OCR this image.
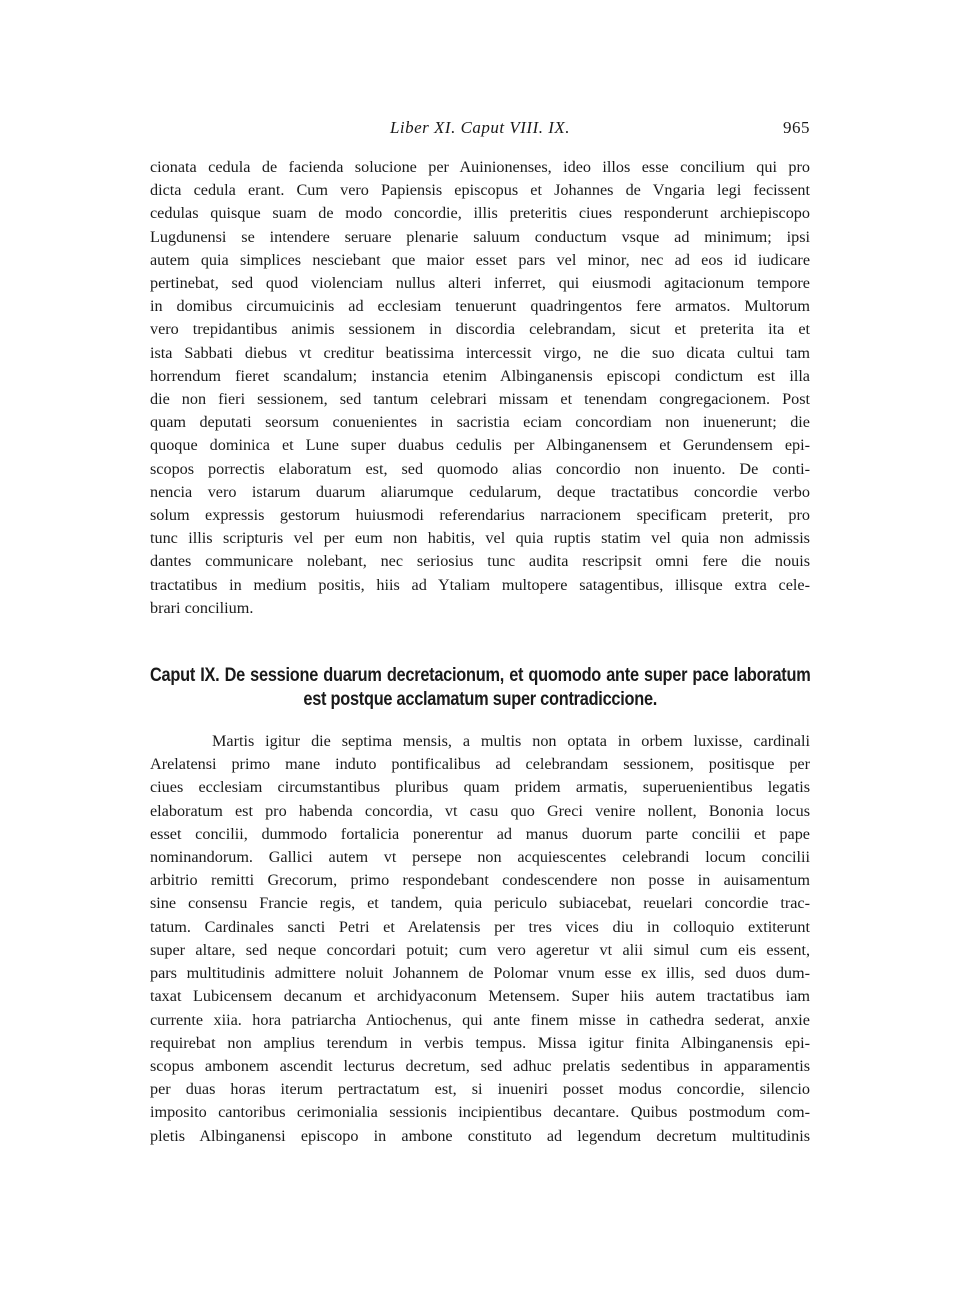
Liber XI. Caput VIII. IX.	965
cionata cedula de facienda solucione per Auinionenses, ideo illos esse concilium qui pro
dicta cedula erant. Cum vero Papiensis episcopus et Johannes de Vngaria legi fecissent
cedulas quisque suam de modo concordie, illis preteritis ciues responderunt archiepiscopo
Lugdunensi se intendere seruare plenarie saluum conductum vsque ad minimum; ipsi
autem quia simplices nesciebant que maior esset pars vel minor, nec ad eos id iudicare
pertinebat, sed quod violenciam nullus alteri inferret, qui eiusmodi agitacionum tempore
in domibus circumuicinis ad ecclesiam tenuerunt quadringentos fere armatos. Multorum
vero trepidantibus animis sessionem in discordia celebrandam, sicut et preterita ita et
ista Sabbati diebus vt creditur beatissima intercessit virgo, ne die suo dicata cultui tam
horrendum fieret scandalum; instancia etenim Albinganensis episcopi condictum est illa
die non fieri sessionem, sed tantum celebrari missam et tenendam congregacionem. Post
quam deputati seorsum conuenientes in sacristia eciam concordiam non inuenerunt; die
quoque dominica et Lune super duabus cedulis per Albinganensem et Gerundensem epi-
scopos porrectis elaboratum est, sed quomodo alias concordio non inuento. De conti-
nencia vero istarum duarum aliarumque cedularum, deque tractatibus concordie verbo
solum expressis gestorum huiusmodi referendarius narracionem specificam preterit, pro
tunc illis scripturis vel per eum non habitis, vel quia ruptis statim vel quia non admissis
dantes communicare nolebant, nec seriosius tunc audita rescripsit omni fere die nouis
tractatibus in medium positis, hiis ad Ytaliam multopere satagentibus, illisque extra cele-
brari concilium.
Caput IX. De sessione duarum decretacionum, et quomodo ante super pace laboratum
est postque acclamatum super contradiccione.
Martis igitur die septima mensis, a multis non optata in orbem luxisse, cardinali
Arelatensi primo mane induto pontificalibus ad celebrandam sessionem, positisque per
ciues ecclesiam circumstantibus pluribus quam pridem armatis, superuenientibus legatis
elaboratum est pro habenda concordia, vt casu quo Greci venire nollent, Bononia locus
esset concilii, dummodo fortalicia ponerentur ad manus duorum parte concilii et pape
nominandorum. Gallici autem vt persepe non acquiescentes celebrandi locum concilii
arbitrio remitti Grecorum, primo respondebant condescendere non posse in auisamentum
sine consensu Francie regis, et tandem, quia periculo subiacebat, reuelari concordie trac-
tatum. Cardinales sancti Petri et Arelatensis per tres vices diu in colloquio extiterunt
super altare, sed neque concordari potuit; cum vero ageretur vt alii simul cum eis essent,
pars multitudinis admittere noluit Johannem de Polomar vnum esse ex illis, sed duos dum-
taxat Lubicensem decanum et archidyaconum Metensem. Super hiis autem tractatibus iam
currente xiia. hora patriarcha Antiochenus, qui ante finem misse in cathedra sederat, anxie
requirebat non amplius terendum in verbis tempus. Missa igitur finita Albinganensis epi-
scopus ambonem ascendit lecturus decretum, sed adhuc prelatis sedentibus in apparamentis
per duas horas iterum pertractatum est, si inueniri posset modus concordie, silencio
imposito cantoribus cerimonialia sessionis incipientibus decantare. Quibus postmodum com-
pletis Albinganensi episcopo in ambone constituto ad legendum decretum multitudinis
